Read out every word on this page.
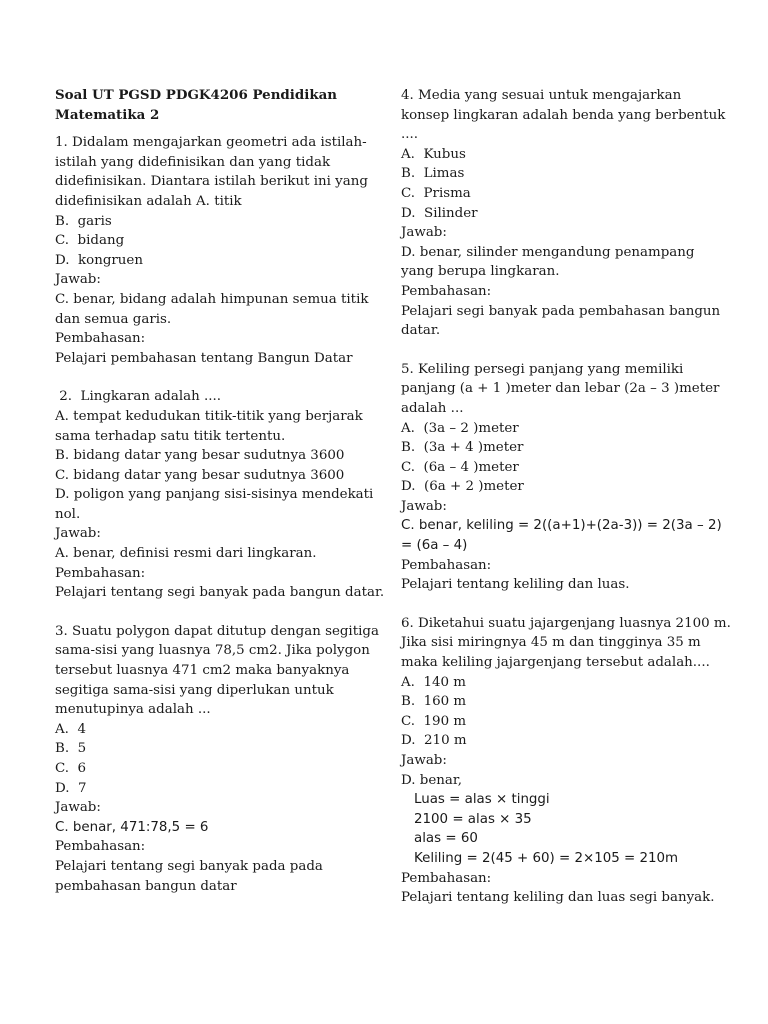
Soal UT PGSD PDGK4206 Pendidikan Matematika 2
1. Didalam mengajarkan geometri ada istilah-istilah yang didefinisikan dan yang tidak didefinisikan. Diantara istilah berikut ini yang didefinisikan adalah A. titik
B.  garis
C.  bidang
D.  kongruen
Jawab:
C. benar, bidang adalah himpunan semua titik dan semua garis.
Pembahasan:
Pelajari pembahasan tentang Bangun Datar
2.  Lingkaran adalah ....
A. tempat kedudukan titik-titik yang berjarak sama terhadap satu titik tertentu.
B. bidang datar yang besar sudutnya 3600
C. bidang datar yang besar sudutnya 3600
D. poligon yang panjang sisi-sisinya mendekati nol.
Jawab:
A. benar, definisi resmi dari lingkaran.
Pembahasan:
Pelajari tentang segi banyak pada bangun datar.
3. Suatu polygon dapat ditutup dengan segitiga sama-sisi yang luasnya 78,5 cm2. Jika polygon tersebut luasnya 471 cm2 maka banyaknya segitiga sama-sisi yang diperlukan untuk menutupinya adalah ...
A.  4
B.  5
C.  6
D.  7
Jawab:
C. benar, 471:78,5 = 6
Pembahasan:
Pelajari tentang segi banyak pada pada pembahasan bangun datar
4. Media yang sesuai untuk mengajarkan konsep lingkaran adalah benda yang berbentuk ....
A.  Kubus
B.  Limas
C.  Prisma
D.  Silinder
Jawab:
D. benar, silinder mengandung penampang yang berupa lingkaran.
Pembahasan:
Pelajari segi banyak pada pembahasan bangun datar.
5. Keliling persegi panjang yang memiliki panjang (a + 1 )meter dan lebar (2a – 3 )meter adalah ...
A.  (3a – 2 )meter
B.  (3a + 4 )meter
C.  (6a – 4 )meter
D.  (6a + 2 )meter
Jawab:
C. benar, keliling = 2((a+1)+(2a-3)) = 2(3a – 2) = (6a – 4)
Pembahasan:
Pelajari tentang keliling dan luas.
6. Diketahui suatu jajargenjang luasnya 2100 m. Jika sisi miringnya 45 m dan tingginya 35 m maka keliling jajargenjang tersebut adalah....
A.  140 m
B.  160 m
C.  190 m
D.  210 m
Jawab:
D. benar,
Luas = alas × tinggi
2100 = alas × 35
alas = 60
Keliling = 2(45 + 60) = 2×105 = 210m
Pembahasan:
Pelajari tentang keliling dan luas segi banyak.
